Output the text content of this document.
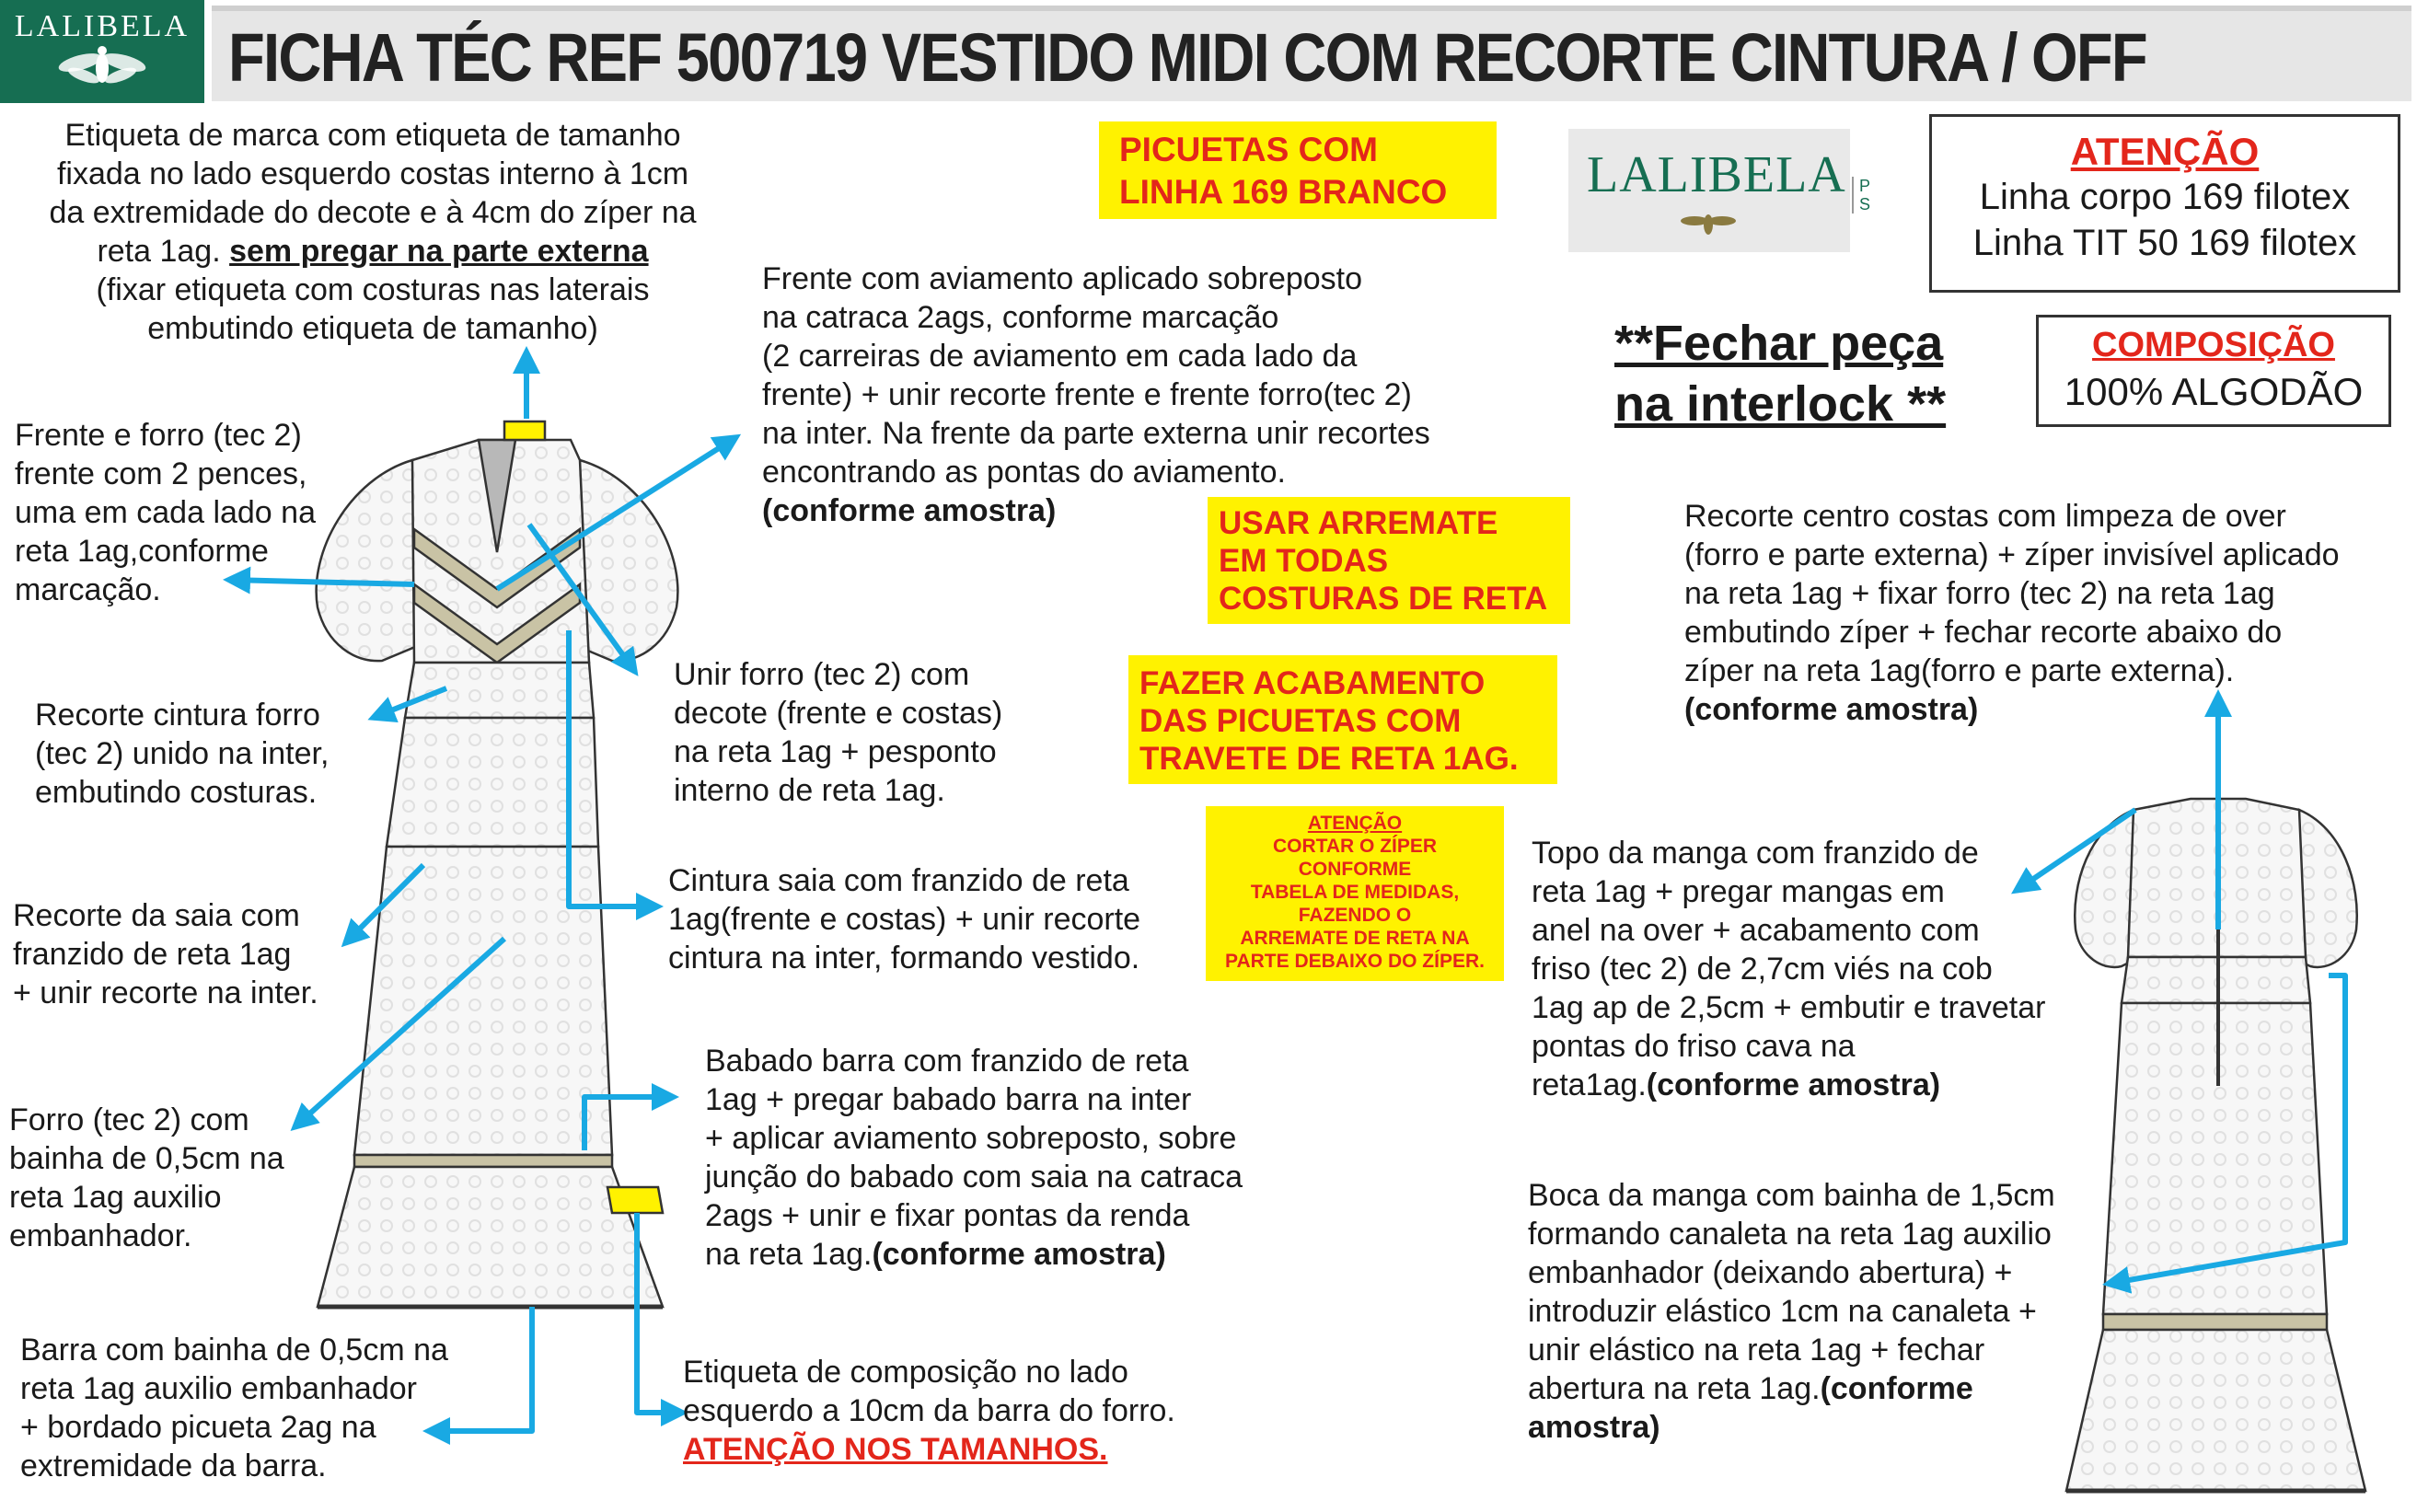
LALIBELA FICHA TÉC REF 500719 VESTIDO MIDI COM RECORTE CINTURA / OFF
Etiqueta de marca com etiqueta de tamanho
fixada no lado esquerdo costas interno à 1cm
da extremidade do decote e à 4cm do zíper na
reta 1ag. sem pregar na parte externa
(fixar etiqueta com costuras nas laterais
embutindo etiqueta de tamanho)
Frente e forro (tec 2)
frente com 2 pences,
uma em cada lado na
reta 1ag,conforme
marcação.
Recorte cintura forro
(tec 2) unido na inter,
embutindo costuras.
Recorte da saia com
franzido de reta 1ag
+ unir recorte na inter.
Forro (tec 2) com
bainha de 0,5cm na
reta 1ag auxilio
embanhador.
Barra com bainha de 0,5cm na
reta 1ag auxilio embanhador
+ bordado picueta 2ag na
extremidade da barra.
Frente com aviamento aplicado sobreposto
na catraca 2ags, conforme marcação
(2 carreiras de aviamento em cada lado da
frente) + unir recorte frente e frente forro(tec 2)
na inter. Na frente da parte externa unir recortes
encontrando as pontas do aviamento.
(conforme amostra)
Unir forro (tec 2) com
decote (frente e costas)
na reta 1ag + pesponto
interno de reta 1ag.
Cintura saia com franzido de reta
1ag(frente e costas) + unir recorte
cintura na inter, formando vestido.
Babado barra com franzido de reta
1ag + pregar babado barra na inter
+ aplicar aviamento sobreposto, sobre
junção do babado com saia na catraca
2ags + unir e fixar pontas da renda
na reta 1ag.(conforme amostra)
Etiqueta de composição no lado
esquerdo a 10cm da barra do forro.
ATENÇÃO NOS TAMANHOS.
PICUETAS COM
LINHA 169 BRANCO
USAR ARREMATE
EM TODAS
COSTURAS DE RETA
FAZER ACABAMENTO
DAS PICUETAS COM
TRAVETE DE RETA 1AG.
ATENÇÃO
CORTAR O ZÍPER
CONFORME
TABELA DE MEDIDAS,
FAZENDO O
ARREMATE DE RETA NA
PARTE DEBAIXO DO ZÍPER.
LALIBELA P
S
ATENÇÃO
Linha corpo 169 filotex
Linha TIT 50 169 filotex
**Fechar peça
na interlock **
COMPOSIÇÃO
100% ALGODÃO
Recorte centro costas com limpeza de over
(forro e parte externa) + zíper invisível aplicado
na reta 1ag + fixar forro (tec 2) na reta 1ag
embutindo zíper + fechar recorte abaixo do
zíper na reta 1ag(forro e parte externa).
(conforme amostra)
Topo da manga com franzido de
reta 1ag + pregar mangas em
anel na over + acabamento com
friso (tec 2) de 2,7cm viés na cob
1ag ap de 2,5cm + embutir e travetar
pontas do friso cava na
reta1ag.(conforme amostra)
Boca da manga com bainha de 1,5cm
formando canaleta na reta 1ag auxilio
embanhador (deixando abertura) +
introduzir elástico 1cm na canaleta +
unir elástico na reta 1ag + fechar
abertura na reta 1ag.(conforme
amostra)
